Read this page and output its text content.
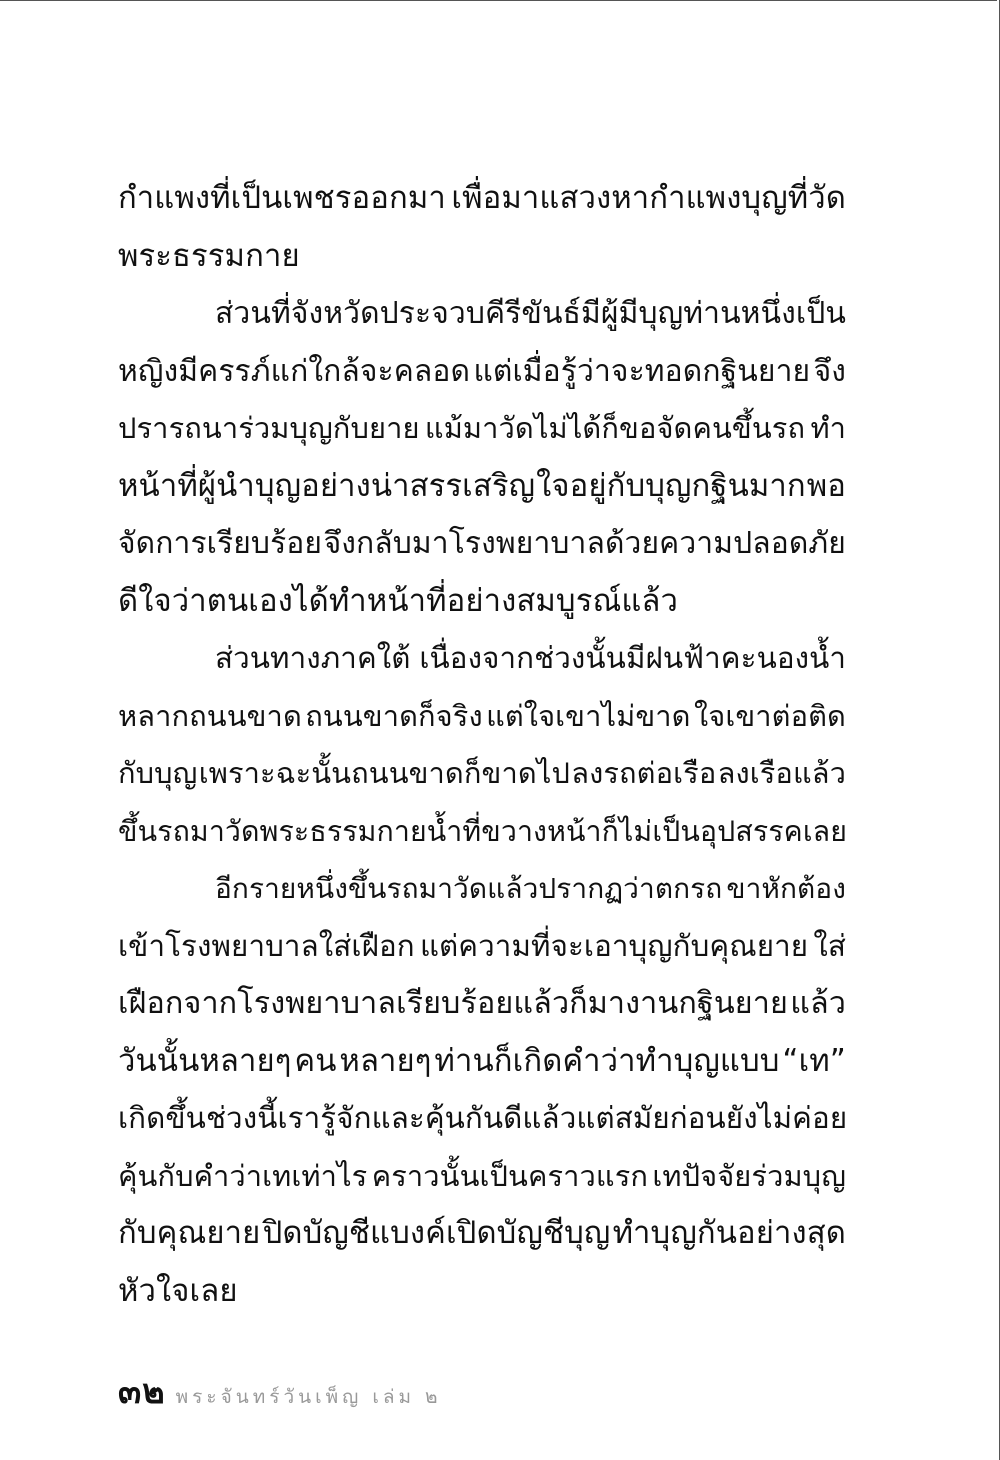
กำแพงที่เป็นเพชรออกมา เพื่อมาแสวงหากำแพงบุญที่วัด
พระธรรมกาย
ส่วนที่จังหวัดประจวบคีรีขันธ์มีผู้มีบุญท่านหนึ่ง เป็น
หญิงมีครรภ์แก่ใกล้จะคลอด แต่เมื่อรู้ว่าจะทอดกฐินยาย จึง
ปรารถนาร่วมบุญกับยาย แม้มาวัดไม่ได้ก็ขอจัดคนขึ้นรถ ทำ
หน้าที่ผู้นำบุญอย่างน่าสรรเสริญ ใจอยู่กับบุญกฐินมาก พอ
จัดการเรียบร้อย จึงกลับมาโรงพยาบาลด้วยความปลอดภัย
ดีใจว่าตนเองได้ทำหน้าที่อย่างสมบูรณ์แล้ว
ส่วนทางภาคใต้ เนื่องจากช่วงนั้นมีฝนฟ้าคะนองน้ำ
หลากถนนขาด ถนนขาดก็จริง แต่ใจเขาไม่ขาด ใจเขาต่อติด
กับบุญ เพราะฉะนั้นถนนขาดก็ขาดไป ลงรถต่อเรือ ลงเรือแล้ว
ขึ้นรถมาวัดพระธรรมกาย น้ำที่ขวางหน้าก็ไม่เป็นอุปสรรคเลย
อีกรายหนึ่งขึ้นรถมาวัดแล้วปรากฏว่าตกรถ ขาหักต้อง
เข้าโรงพยาบาลใส่เฝือก แต่ความที่จะเอาบุญกับคุณยาย ใส่
เฝือกจากโรงพยาบาลเรียบร้อยแล้วก็มางานกฐินยาย แล้ว
วันนั้นหลายๆ คน หลายๆ ท่านก็เกิดคำว่าทำบุญแบบ “เท”
เกิดขึ้น ช่วงนี้เรารู้จักและคุ้นกันดีแล้ว แต่สมัยก่อนยังไม่ค่อย
คุ้นกับคำว่าเทเท่าไร คราวนั้นเป็นคราวแรก เทปัจจัยร่วมบุญ
กับคุณยาย ปิดบัญชีแบงค์เปิดบัญชีบุญ ทำบุญกันอย่างสุด
หัวใจเลย
๓๒ พระจันทร์วันเพ็ญ เล่ม ๒
